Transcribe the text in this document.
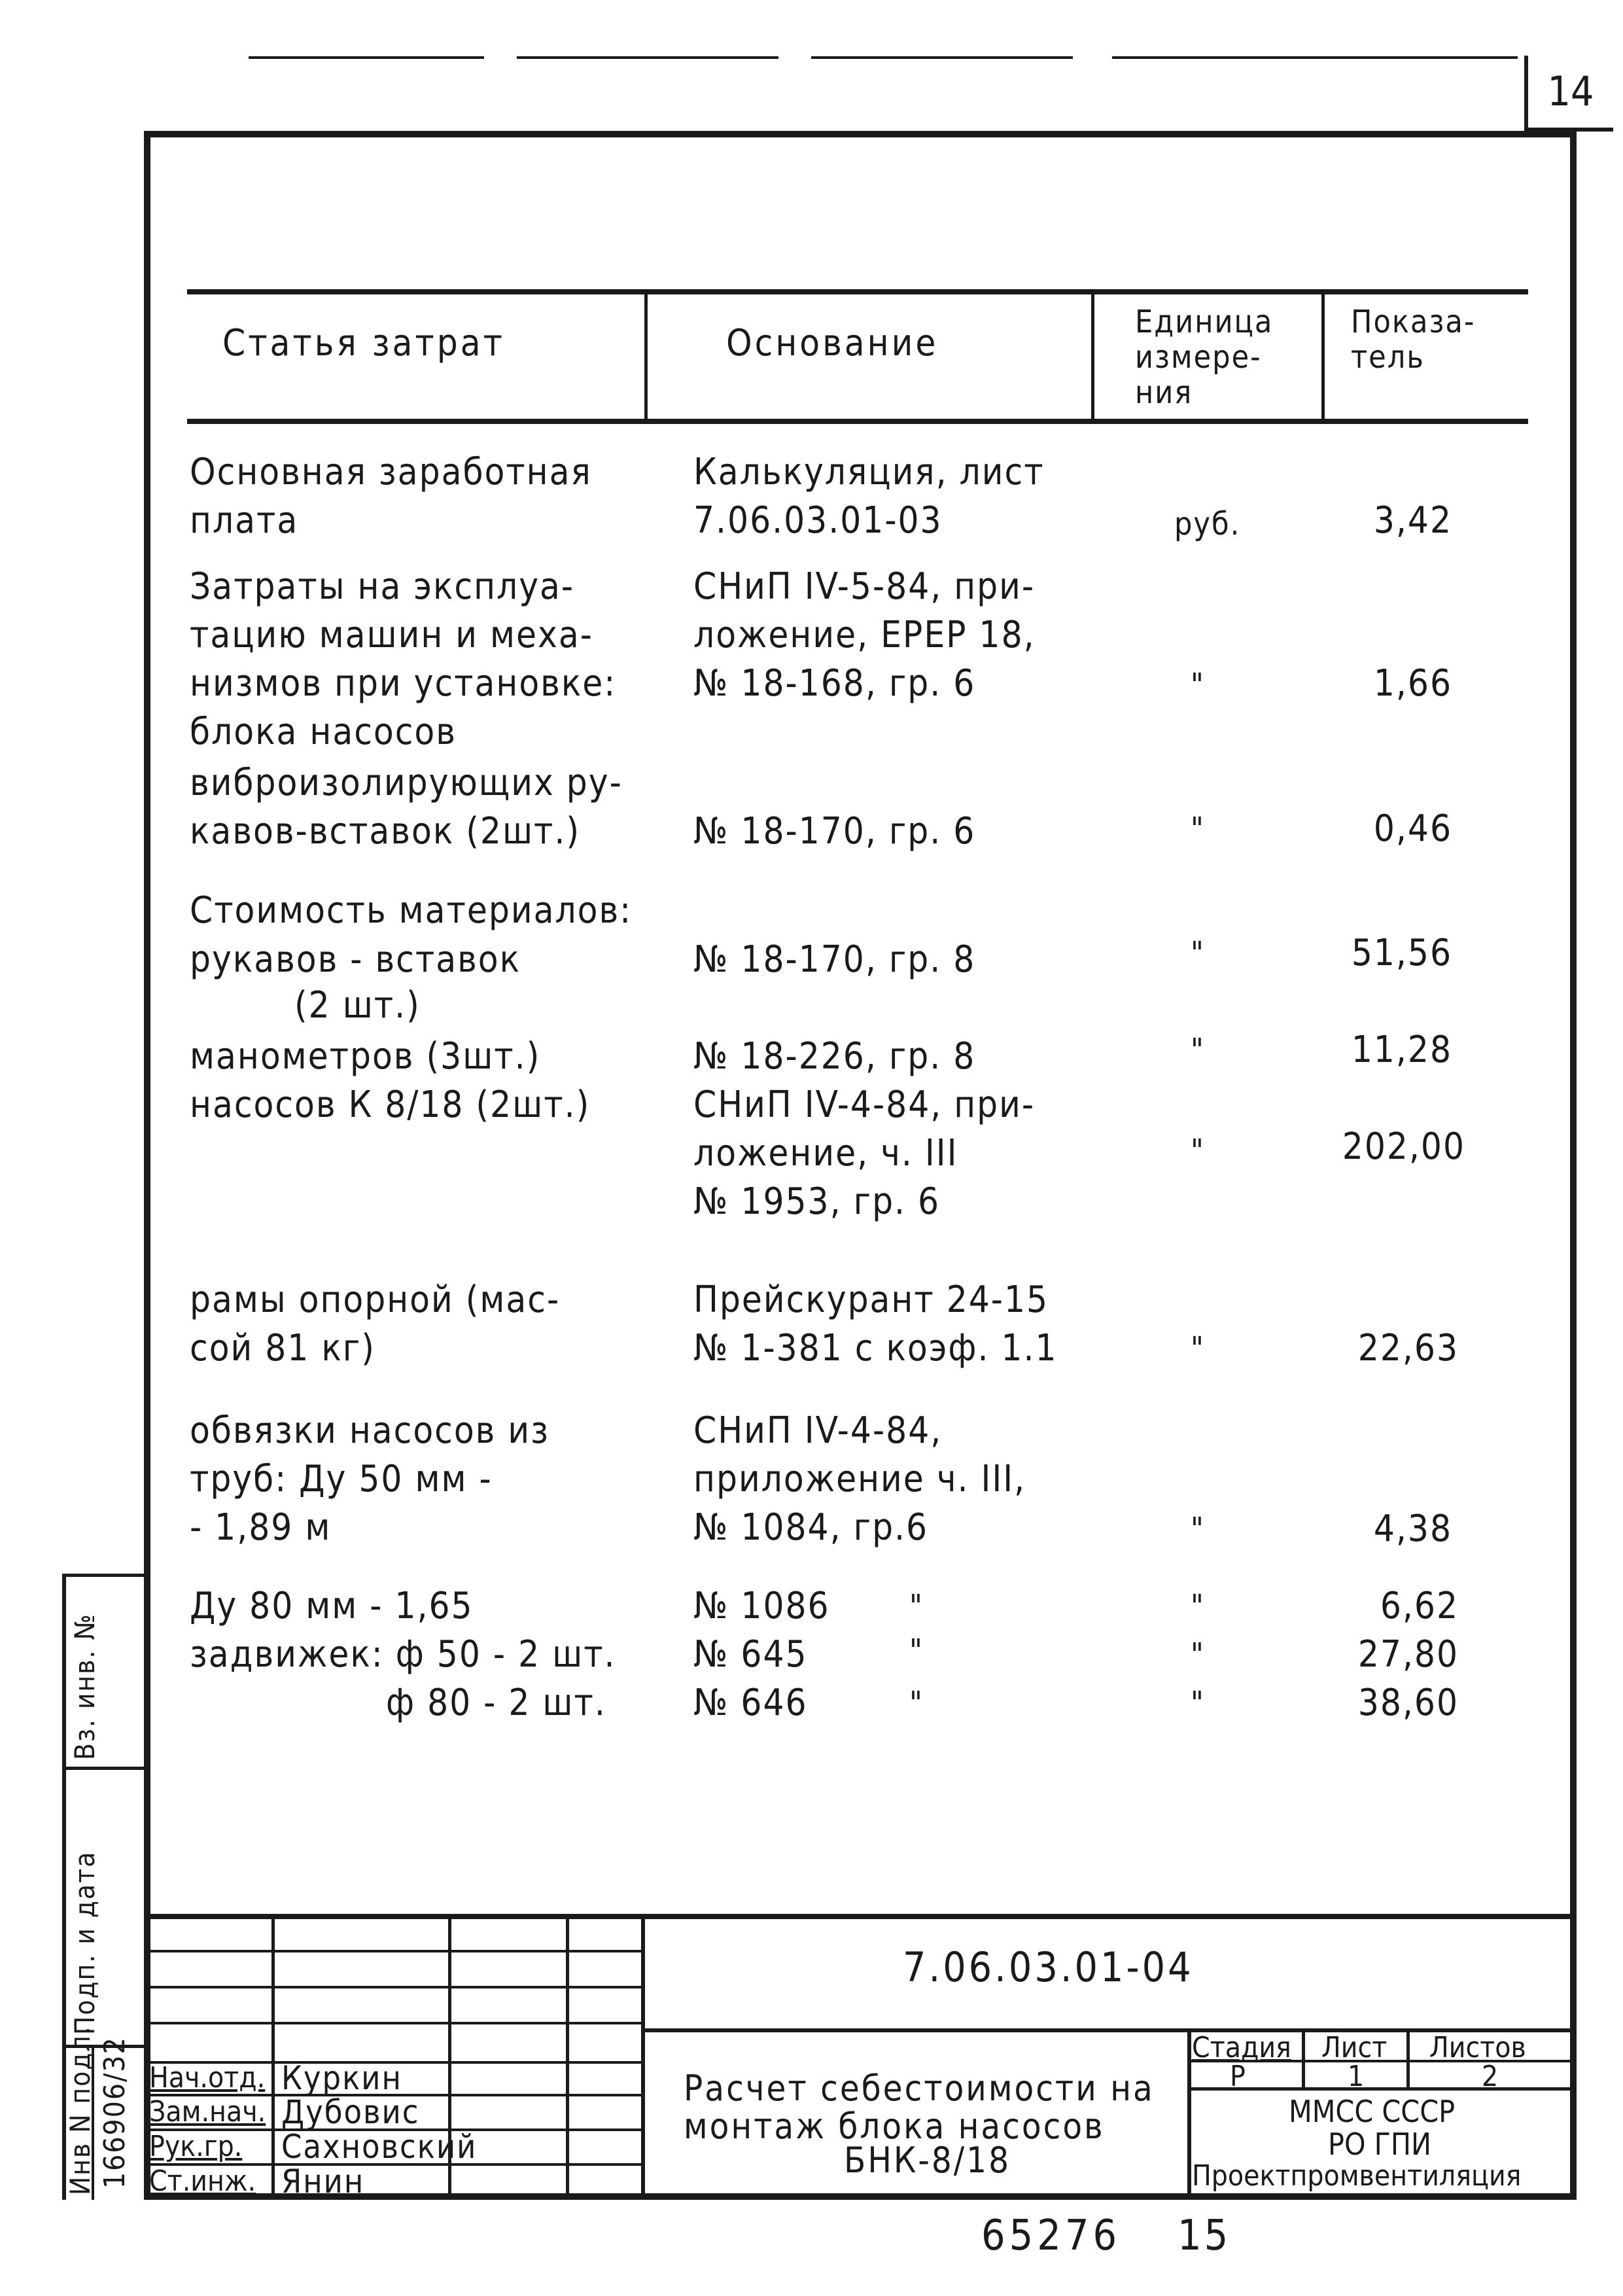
14
Статья затрат	Основание	Единица
измере-
ния
Показа-
тель
Основная заработная
плата
Калькуляция, лист
7.06.03.01-03	руб.	3,42
Затраты на эксплуа-
тацию машин и меха-
низмов при установке:
блока насосов
СНиП IV-5-84, при-
ложение, ЕРЕР 18,
№ 18-168, гр. 6	"	1,66
виброизолирующих ру-
кавов-вставок (2шт.)	№ 18-170, гр. 6	"	0,46
Стоимость материалов:
рукавов - вставок
(2 шт.)
№ 18-170, гр. 8	"	51,56
манометров (3шт.)	№ 18-226, гр. 8	"	11,28
насосов К 8/18 (2шт.)	СНиП IV-4-84, при-
ложение, ч. III
№ 1953, гр. 6
"	202,00
рамы опорной (мас-
сой 81 кг)
Прейскурант 24-15
№ 1-381 с коэф. 1.1	"	22,63
обвязки насосов из
труб: Ду 50 мм -
- 1,89 м
СНиП IV-4-84,
приложение ч. III,
№ 1084, гр.6	"	4,38
Ду 80 мм - 1,65	№ 1086	"	"	6,62
задвижек: ф 50 - 2 шт. № 645	"	"	27,80
ф 80 - 2 шт. № 646	"	"	38,60
Вз. инв. №
Подп. и дата
Инв N подл. 166906/32
7.06.03.01-04
Нач.отд. Куркин
Зам.нач. Дубовис
Рук.гр. Сахновский
Ст.инж. Янин
Расчет себестоимости на
монтаж блока насосов
БНК-8/18
Стадия Лист Листов
Р	1	2
ММСС СССР
РО ГПИ
Проектпромвентиляция
65276 15
